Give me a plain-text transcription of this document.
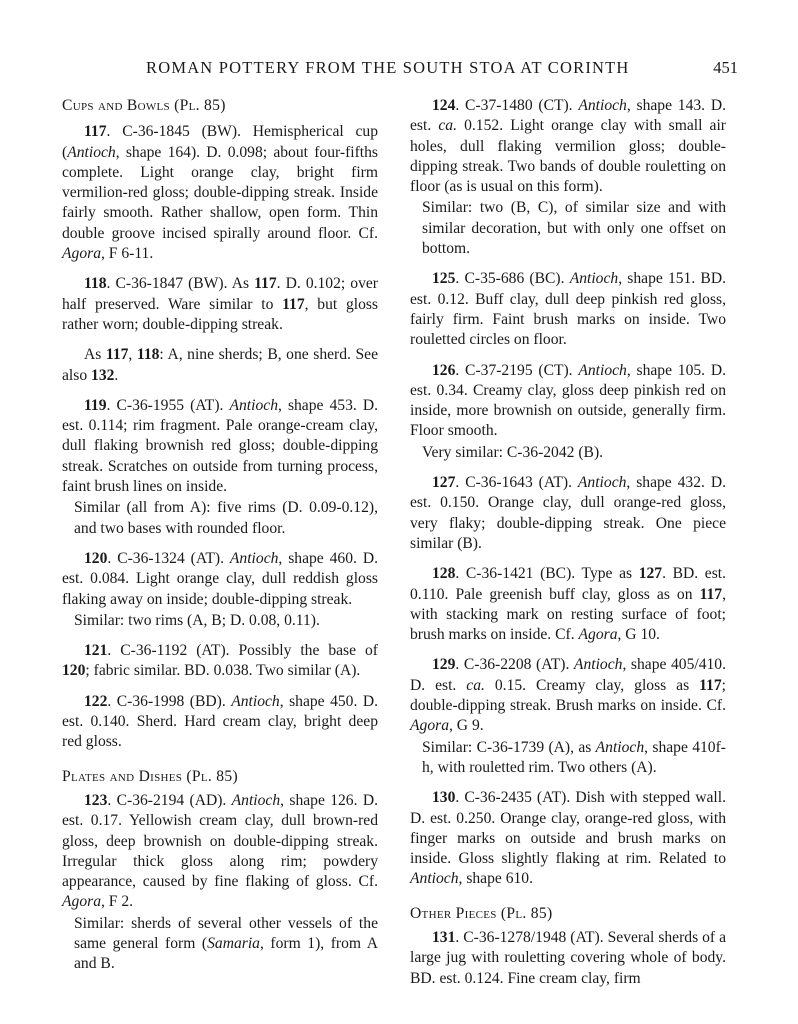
ROMAN POTTERY FROM THE SOUTH STOA AT CORINTH	451

Cups and Bowls (Pl. 85)

117. C-36-1845 (BW). Hemispherical cup (Antioch, shape 164). D. 0.098; about four-fifths complete. Light orange clay, bright firm vermilion-red gloss; double-dipping streak. Inside fairly smooth. Rather shallow, open form. Thin double groove incised spirally around floor. Cf. Agora, F 6-11.

118. C-36-1847 (BW). As 117. D. 0.102; over half preserved. Ware similar to 117, but gloss rather worn; double-dipping streak.

As 117, 118: A, nine sherds; B, one sherd. See also 132.

119. C-36-1955 (AT). Antioch, shape 453. D. est. 0.114; rim fragment. Pale orange-cream clay, dull flaking brownish red gloss; double-dipping streak. Scratches on outside from turning process, faint brush lines on inside.

Similar (all from A): five rims (D. 0.09-0.12), and two bases with rounded floor.

120. C-36-1324 (AT). Antioch, shape 460. D. est. 0.084. Light orange clay, dull reddish gloss flaking away on inside; double-dipping streak.

Similar: two rims (A, B; D. 0.08, 0.11).

121. C-36-1192 (AT). Possibly the base of 120; fabric similar. BD. 0.038. Two similar (A).

122. C-36-1998 (BD). Antioch, shape 450. D. est. 0.140. Sherd. Hard cream clay, bright deep red gloss.

Plates and Dishes (Pl. 85)

123. C-36-2194 (AD). Antioch, shape 126. D. est. 0.17. Yellowish cream clay, dull brown-red gloss, deep brownish on double-dipping streak. Irregular thick gloss along rim; powdery appearance, caused by fine flaking of gloss. Cf. Agora, F 2.

Similar: sherds of several other vessels of the same general form (Samaria, form 1), from A and B.

124. C-37-1480 (CT). Antioch, shape 143. D. est. ca. 0.152. Light orange clay with small air holes, dull flaking vermilion gloss; double-dipping streak. Two bands of double rouletting on floor (as is usual on this form).

Similar: two (B, C), of similar size and with similar decoration, but with only one offset on bottom.

125. C-35-686 (BC). Antioch, shape 151. BD. est. 0.12. Buff clay, dull deep pinkish red gloss, fairly firm. Faint brush marks on inside. Two rouletted circles on floor.

126. C-37-2195 (CT). Antioch, shape 105. D. est. 0.34. Creamy clay, gloss deep pinkish red on inside, more brownish on outside, generally firm. Floor smooth.

Very similar: C-36-2042 (B).

127. C-36-1643 (AT). Antioch, shape 432. D. est. 0.150. Orange clay, dull orange-red gloss, very flaky; double-dipping streak. One piece similar (B).

128. C-36-1421 (BC). Type as 127. BD. est. 0.110. Pale greenish buff clay, gloss as on 117, with stacking mark on resting surface of foot; brush marks on inside. Cf. Agora, G 10.

129. C-36-2208 (AT). Antioch, shape 405/410. D. est. ca. 0.15. Creamy clay, gloss as 117; double-dipping streak. Brush marks on inside. Cf. Agora, G 9.

Similar: C-36-1739 (A), as Antioch, shape 410f-h, with rouletted rim. Two others (A).

130. C-36-2435 (AT). Dish with stepped wall. D. est. 0.250. Orange clay, orange-red gloss, with finger marks on outside and brush marks on inside. Gloss slightly flaking at rim. Related to Antioch, shape 610.

Other Pieces (Pl. 85)

131. C-36-1278/1948 (AT). Several sherds of a large jug with rouletting covering whole of body. BD. est. 0.124. Fine cream clay, firm
